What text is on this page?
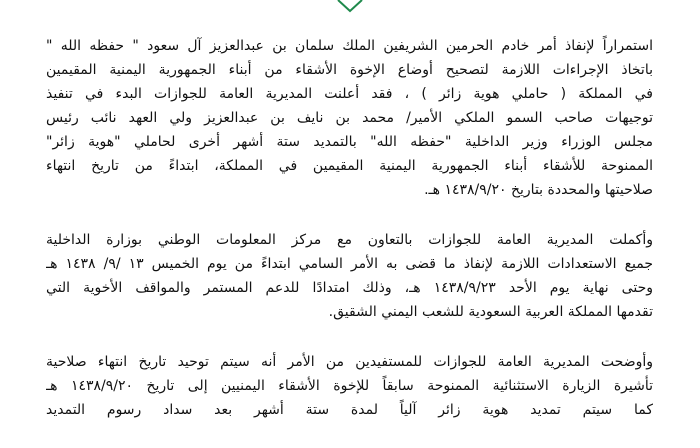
استمراراً لإنفاذ أمر خادم الحرمين الشريفين الملك سلمان بن عبدالعزيز آل سعود " حفظه الله "
باتخاذ الإجراءات اللازمة لتصحيح أوضاع الإخوة الأشقاء من أبناء الجمهورية اليمنية المقيمين
في المملكة ( حاملي هوية زائر ) ، فقد أعلنت المديرية العامة للجوازات البدء في تنفيذ
توجيهات صاحب السمو الملكي الأمير/ محمد بن نايف بن عبدالعزيز ولي العهد نائب رئيس
مجلس الوزراء وزير الداخلية "حفظه الله" بالتمديد ستة أشهر أخرى لحاملي "هوية زائر"
الممنوحة للأشقاء أبناء الجمهورية اليمنية المقيمين في المملكة، ابتداءً من تاريخ انتهاء
صلاحيتها والمحددة بتاريخ ١٤٣٨/٩/٢٠ هـ.

وأكملت المديرية العامة للجوازات بالتعاون مع مركز المعلومات الوطني بوزارة الداخلية
جميع الاستعدادات اللازمة لإنفاذ ما قضى به الأمر السامي ابتداءً من يوم الخميس ١٣ /٩/ ١٤٣٨ هـ
وحتى نهاية يوم الأحد ١٤٣٨/٩/٢٣ هـ، وذلك امتدادًا للدعم المستمر والمواقف الأخوية التي
تقدمها المملكة العربية السعودية للشعب اليمني الشقيق.

وأوضحت المديرية العامة للجوازات للمستفيدين من الأمر أنه سيتم توحيد تاريخ انتهاء صلاحية
تأشيرة الزيارة الاستثنائية الممنوحة سابقاً للإخوة الأشقاء اليمنيين إلى تاريخ ١٤٣٨/٩/٢٠ هـ
كما سيتم تمديد هوية زائر آلياً لمدة ستة أشهر بعد سداد رسوم التمديد
